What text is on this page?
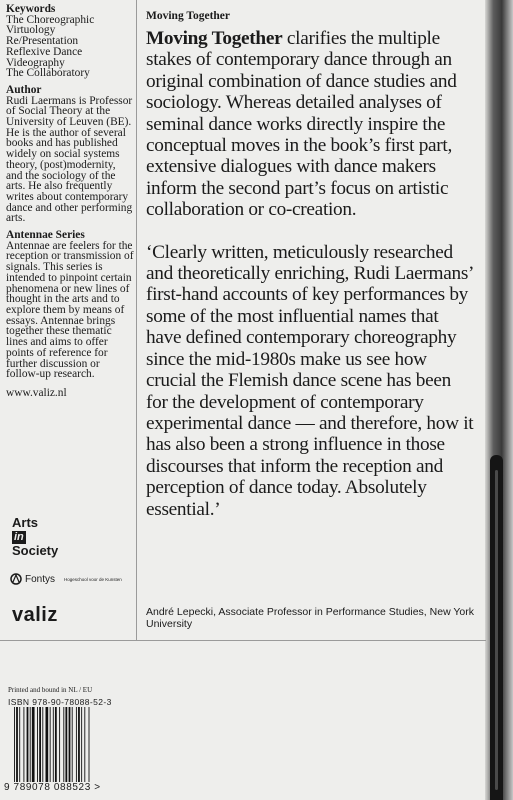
Keywords
The Choreographic
Virtuology
Re/Presentation
Reflexive Dance
Videography
The Collaboratory
Author

Rudi Laermans is Professor of Social Theory at the University of Leuven (BE). He is the author of several books and has published widely on social systems theory, (post)modernity, and the sociology of the arts. He also frequently writes about contemporary dance and other performing arts.

Antennae Series

Antennae are feelers for the reception or transmission of signals. This series is intended to pinpoint certain phenomena or new lines of thought in the arts and to explore them by means of essays. Antennae brings together these thematic lines and aims to offer points of reference for further discussion or follow-up research.

www.valiz.nl
Arts
in
Society
Fontys Hogeschool voor de Kunsten
valiz
Moving Together

Moving Together clarifies the multiple stakes of contemporary dance through an original combination of dance studies and sociology. Whereas detailed analyses of seminal dance works directly inspire the conceptual moves in the book’s first part, extensive dialogues with dance makers inform the second part’s focus on artistic collaboration or co-creation.

‘Clearly written, meticulously researched and theoretically enriching, Rudi Laermans’ first-hand accounts of key performances by some of the most influential names that have defined contemporary choreography since the mid-1980s make us see how crucial the Flemish dance scene has been for the development of contemporary experimental dance — and therefore, how it has also been a strong influence in those discourses that inform the reception and perception of dance today. Absolutely essential.’

André Lepecki, Associate Professor in Performance Studies, New York University
Printed and bound in NL / EU
ISBN 978-90-78088-52-3
9 789078 088523 >
